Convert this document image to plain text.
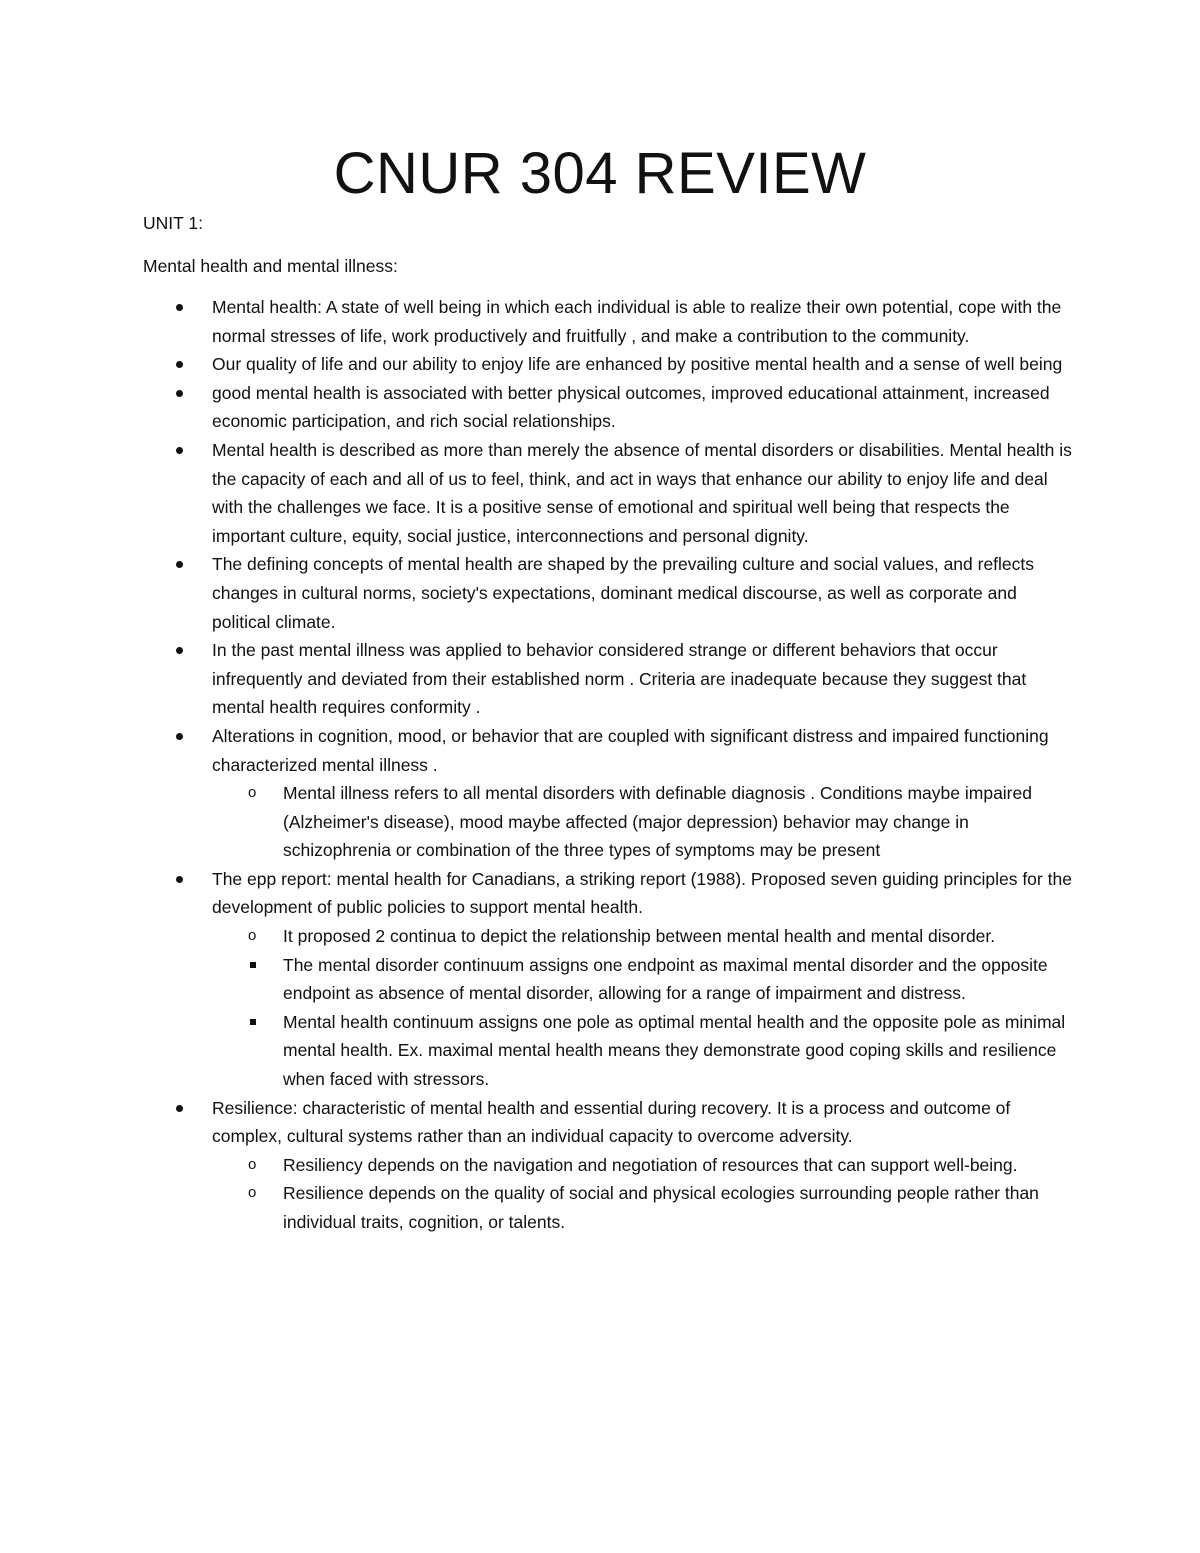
CNUR 304 REVIEW

UNIT 1:

Mental health and mental illness:

Mental health: A state of well being in which each individual is able to realize their own potential, cope with the normal stresses of life, work productively and fruitfully , and make a contribution to the community.
Our quality of life and our ability to enjoy life are enhanced by positive mental health and a sense of well being
good mental health is associated with better physical outcomes, improved educational attainment, increased economic participation, and rich social relationships.
Mental health is described as more than merely the absence of mental disorders or disabilities. Mental health is the capacity of each and all of us to feel, think, and act in ways that enhance our ability to enjoy life and deal with the challenges we face. It is a positive sense of emotional and spiritual well being that respects the important culture, equity, social justice, interconnections and personal dignity.
The defining concepts of mental health are shaped by the prevailing culture and social values, and reflects changes in cultural norms, society's expectations, dominant medical discourse, as well as corporate and political climate.
In the past mental illness was applied to behavior considered strange or different behaviors that occur infrequently and deviated from their established norm . Criteria are inadequate because they suggest that mental health requires conformity .
Alterations in cognition, mood, or behavior that are coupled with significant distress and impaired functioning characterized mental illness .
o Mental illness refers to all mental disorders with definable diagnosis . Conditions maybe impaired (Alzheimer's disease), mood maybe affected (major depression) behavior may change in schizophrenia or combination of the three types of symptoms may be present
The epp report: mental health for Canadians, a striking report (1988). Proposed seven guiding principles for the development of public policies to support mental health.
o It proposed 2 continua to depict the relationship between mental health and mental disorder.
The mental disorder continuum assigns one endpoint as maximal mental disorder and the opposite endpoint as absence of mental disorder, allowing for a range of impairment and distress.
Mental health continuum assigns one pole as optimal mental health and the opposite pole as minimal mental health. Ex. maximal mental health means they demonstrate good coping skills and resilience when faced with stressors.
Resilience: characteristic of mental health and essential during recovery. It is a process and outcome of complex, cultural systems rather than an individual capacity to overcome adversity.
o Resiliency depends on the navigation and negotiation of resources that can support well-being.
o Resilience depends on the quality of social and physical ecologies surrounding people rather than individual traits, cognition, or talents.
